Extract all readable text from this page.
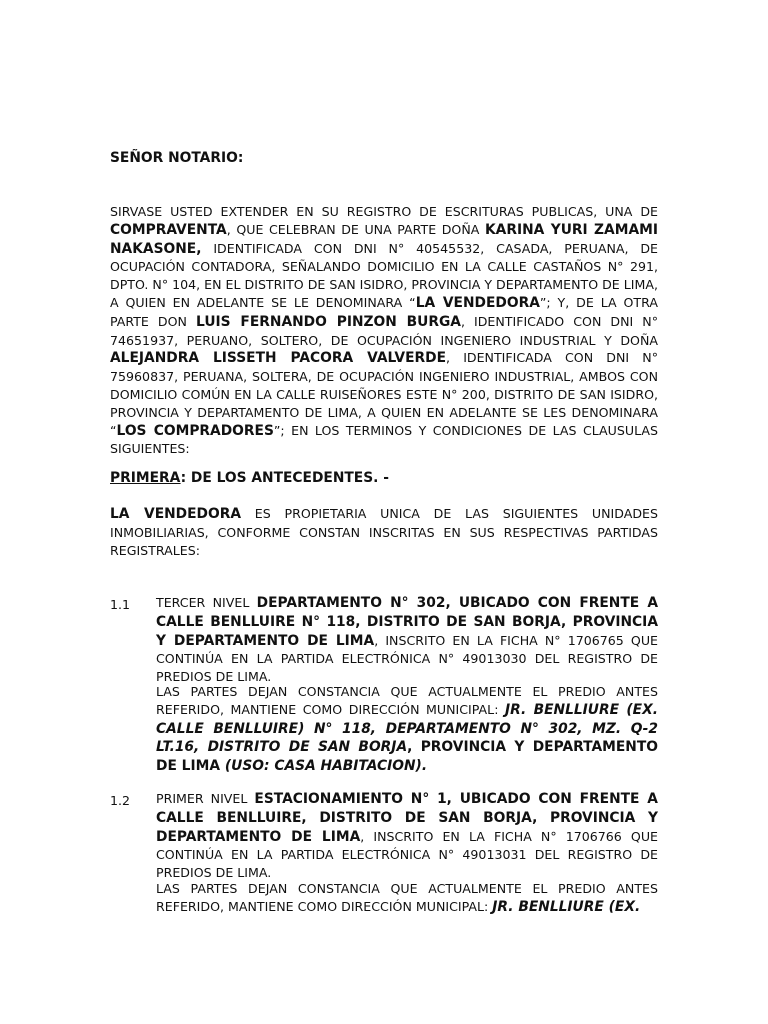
SEÑOR NOTARIO:

SIRVASE USTED EXTENDER EN SU REGISTRO DE ESCRITURAS PUBLICAS, UNA DE COMPRAVENTA, QUE CELEBRAN DE UNA PARTE DOÑA KARINA YURI ZAMAMI NAKASONE, IDENTIFICADA CON DNI N° 40545532, CASADA, PERUANA, DE OCUPACIÓN CONTADORA, SEÑALANDO DOMICILIO EN LA CALLE CASTAÑOS N° 291, DPTO. N° 104, EN EL DISTRITO DE SAN ISIDRO, PROVINCIA Y DEPARTAMENTO DE LIMA, A QUIEN EN ADELANTE SE LE DENOMINARA “LA VENDEDORA”; Y, DE LA OTRA PARTE DON LUIS FERNANDO PINZON BURGA, IDENTIFICADO CON DNI N° 74651937, PERUANO, SOLTERO, DE OCUPACIÓN INGENIERO INDUSTRIAL Y DOÑA ALEJANDRA LISSETH PACORA VALVERDE, IDENTIFICADA CON DNI N° 75960837, PERUANA, SOLTERA, DE OCUPACIÓN INGENIERO INDUSTRIAL, AMBOS CON DOMICILIO COMÚN EN LA CALLE RUISEÑORES ESTE N° 200, DISTRITO DE SAN ISIDRO, PROVINCIA Y DEPARTAMENTO DE LIMA, A QUIEN EN ADELANTE SE LES DENOMINARA “LOS COMPRADORES”; EN LOS TERMINOS Y CONDICIONES DE LAS CLAUSULAS SIGUIENTES:

PRIMERA: DE LOS ANTECEDENTES. -

LA VENDEDORA ES PROPIETARIA UNICA DE LAS SIGUIENTES UNIDADES INMOBILIARIAS, CONFORME CONSTAN INSCRITAS EN SUS RESPECTIVAS PARTIDAS REGISTRALES:

1.1 TERCER NIVEL DEPARTAMENTO N° 302, UBICADO CON FRENTE A CALLE BENLLUIRE N° 118, DISTRITO DE SAN BORJA, PROVINCIA Y DEPARTAMENTO DE LIMA, INSCRITO EN LA FICHA N° 1706765 QUE CONTINÚA EN LA PARTIDA ELECTRÓNICA N° 49013030 DEL REGISTRO DE PREDIOS DE LIMA.

LAS PARTES DEJAN CONSTANCIA QUE ACTUALMENTE EL PREDIO ANTES REFERIDO, MANTIENE COMO DIRECCIÓN MUNICIPAL: JR. BENLLIURE (EX. CALLE BENLLUIRE) N° 118, DEPARTAMENTO N° 302, MZ. Q-2 LT.16, DISTRITO DE SAN BORJA, PROVINCIA Y DEPARTAMENTO DE LIMA (USO: CASA HABITACION).

1.2 PRIMER NIVEL ESTACIONAMIENTO N° 1, UBICADO CON FRENTE A CALLE BENLLUIRE, DISTRITO DE SAN BORJA, PROVINCIA Y DEPARTAMENTO DE LIMA, INSCRITO EN LA FICHA N° 1706766 QUE CONTINÚA EN LA PARTIDA ELECTRÓNICA N° 49013031 DEL REGISTRO DE PREDIOS DE LIMA.

LAS PARTES DEJAN CONSTANCIA QUE ACTUALMENTE EL PREDIO ANTES REFERIDO, MANTIENE COMO DIRECCIÓN MUNICIPAL: JR. BENLLIURE (EX.
